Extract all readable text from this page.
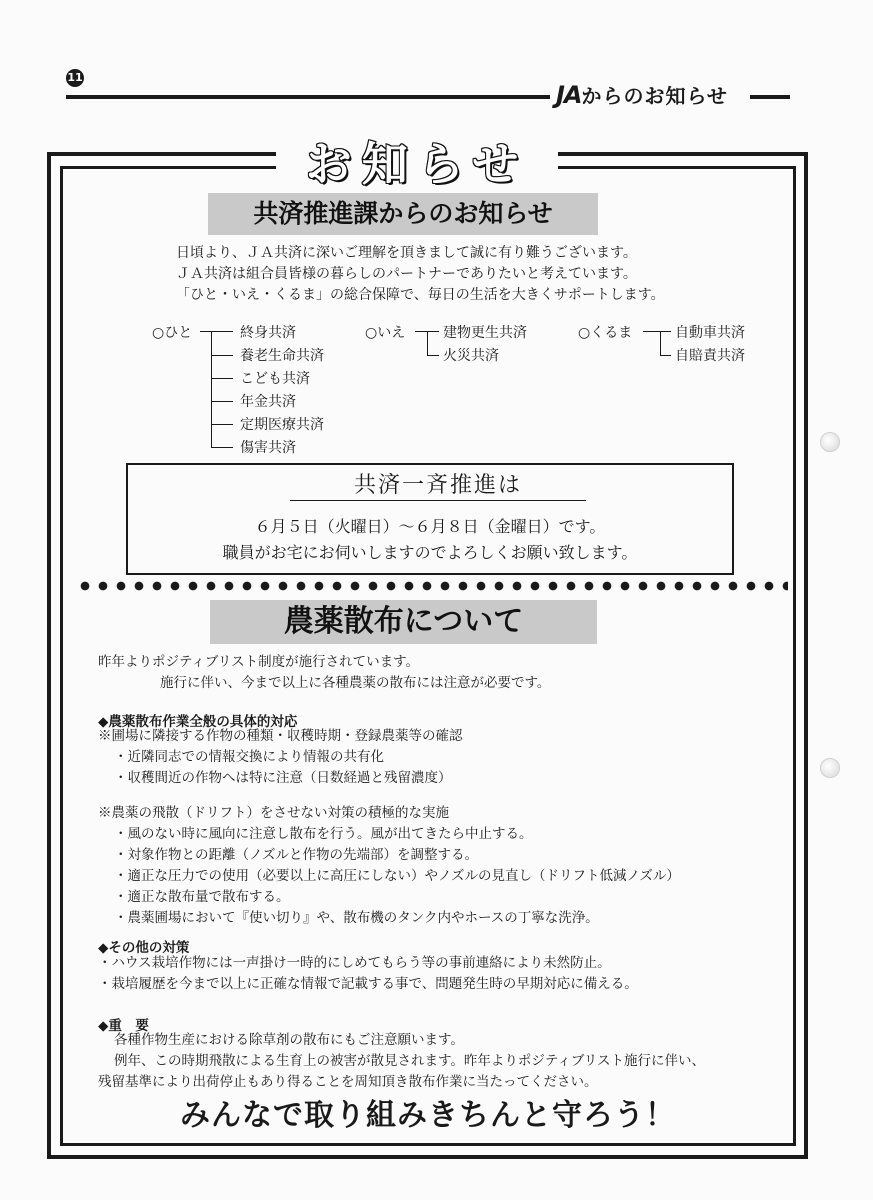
11
JAからのお知らせ
お知らせ
共済推進課からのお知らせ
日頃より、ＪＡ共済に深いご理解を頂きまして誠に有り難うございます。
ＪＡ共済は組合員皆様の暮らしのパートナーでありたいと考えています。
「ひと・いえ・くるま」の総合保障で、毎日の生活を大きくサポートします。
○ひと	終身共済
養老生命共済
こども共済
年金共済
定期医療共済
傷害共済
○いえ	建物更生共済
火災共済
○くるま	自動車共済
自賠責共済
共済一斉推進は
６月５日（火曜日）～６月８日（金曜日）です。
職員がお宅にお伺いしますのでよろしくお願い致します。
農薬散布について
昨年よりポジティブリスト制度が施行されています。
施行に伴い、今まで以上に各種農薬の散布には注意が必要です。
◆農薬散布作業全般の具体的対応
※圃場に隣接する作物の種類・収穫時期・登録農薬等の確認
・近隣同志での情報交換により情報の共有化
・収穫間近の作物へは特に注意（日数経過と残留濃度）
※農薬の飛散（ドリフト）をさせない対策の積極的な実施
・風のない時に風向に注意し散布を行う。風が出てきたら中止する。
・対象作物との距離（ノズルと作物の先端部）を調整する。
・適正な圧力での使用（必要以上に高圧にしない）やノズルの見直し（ドリフト低減ノズル）
・適正な散布量で散布する。
・農薬圃場において『使い切り』や、散布機のタンク内やホースの丁寧な洗浄。
◆その他の対策
・ハウス栽培作物には一声掛け一時的にしめてもらう等の事前連絡により未然防止。
・栽培履歴を今まで以上に正確な情報で記載する事で、問題発生時の早期対応に備える。
◆重　要
各種作物生産における除草剤の散布にもご注意願います。
例年、この時期飛散による生育上の被害が散見されます。昨年よりポジティブリスト施行に伴い、
残留基準により出荷停止もあり得ることを周知頂き散布作業に当たってください。
みんなで取り組みきちんと守ろう！
